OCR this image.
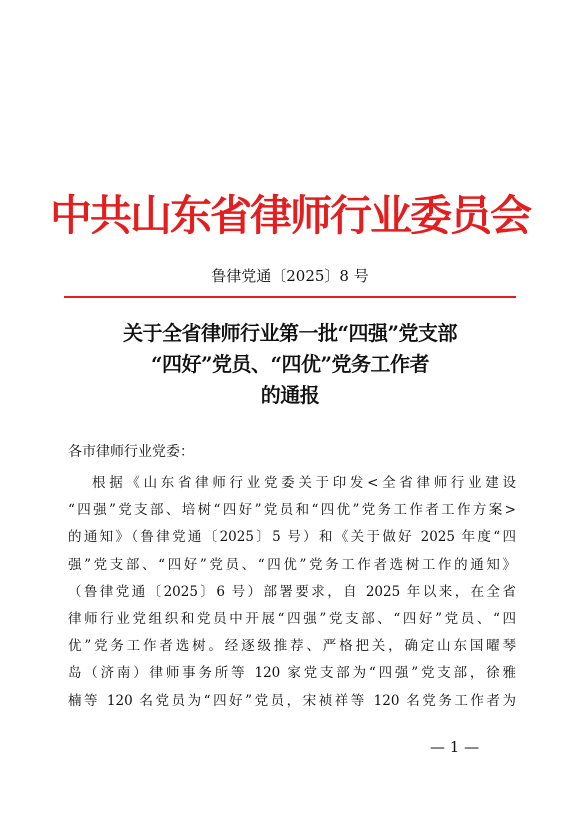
中共山东省律师行业委员会
鲁律党通〔2025〕8 号
关于全省律师行业第一批“四强”党支部
“四好”党员、“四优”党务工作者
的通报
各市律师行业党委：
根据《山东省律师行业党委关于印发<全省律师行业建设
“四强”党支部、培树“四好”党员和“四优”党务工作者工作方案>
的通知》（鲁律党通〔2025〕5 号）和《关于做好 2025 年度“四
强”党支部、“四好”党员、“四优”党务工作者选树工作的通知》
（鲁律党通〔2025〕6 号）部署要求，自 2025 年以来，在全省
律师行业党组织和党员中开展“四强”党支部、“四好”党员、“四
优”党务工作者选树。经逐级推荐、严格把关，确定山东国曜琴
岛（济南）律师事务所等 120 家党支部为“四强”党支部，徐雅
楠等 120 名党员为“四好”党员，宋祯祥等 120 名党务工作者为
— 1 —
